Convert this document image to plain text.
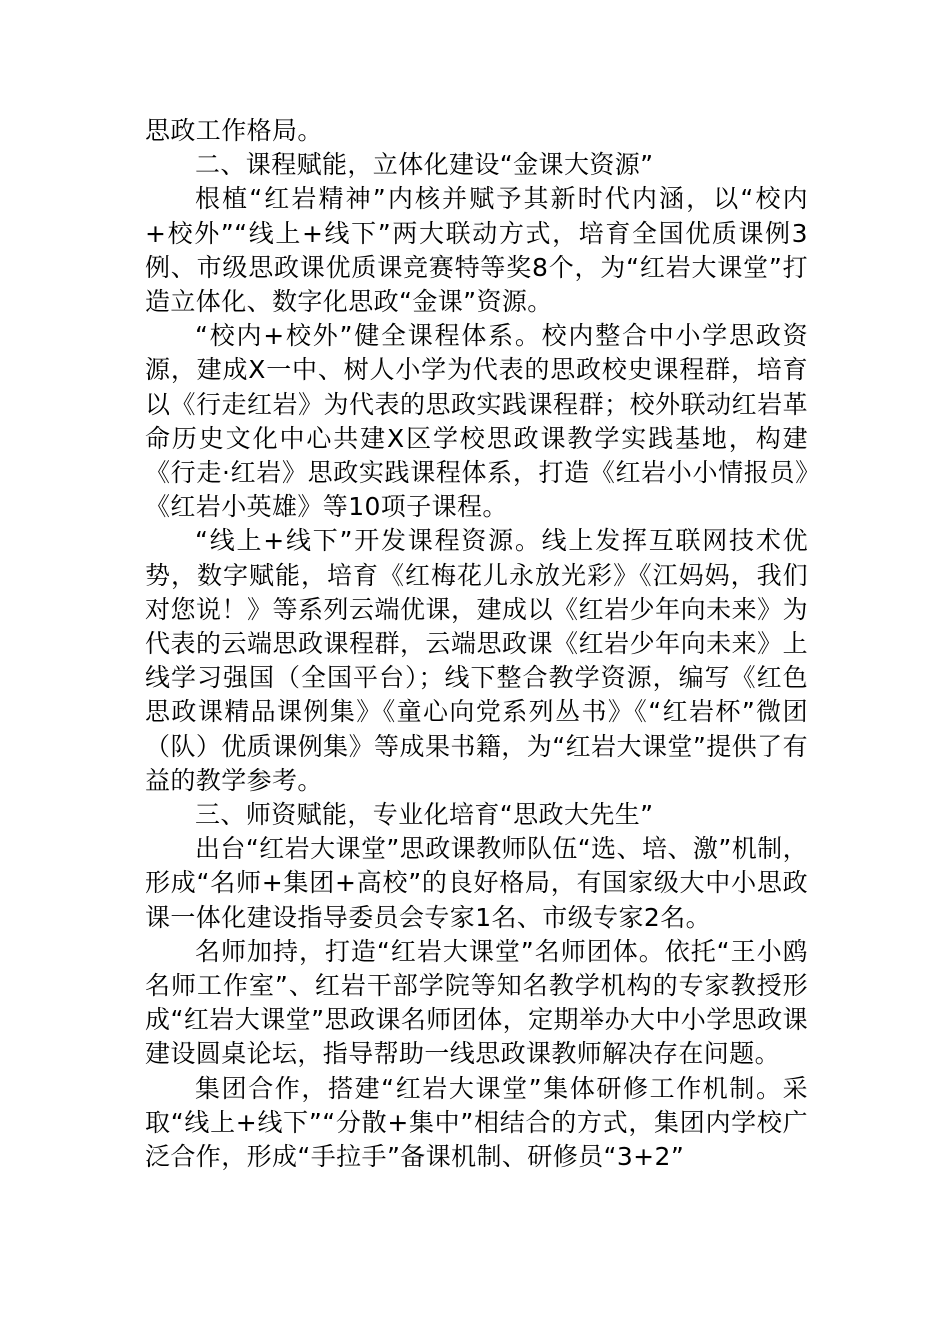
思政工作格局。

二、课程赋能，立体化建设“金课大资源”

根植“红岩精神”内核并赋予其新时代内涵，以“校内+校外”“线上+线下”两大联动方式，培育全国优质课例3例、市级思政课优质课竞赛特等奖8个，为“红岩大课堂”打造立体化、数字化思政“金课”资源。

“校内+校外”健全课程体系。校内整合中小学思政资源，建成X一中、树人小学为代表的思政校史课程群，培育以《行走红岩》为代表的思政实践课程群；校外联动红岩革命历史文化中心共建X区学校思政课教学实践基地，构建《行走·红岩》思政实践课程体系，打造《红岩小小情报员》《红岩小英雄》等10项子课程。

“线上+线下”开发课程资源。线上发挥互联网技术优势，数字赋能，培育《红梅花儿永放光彩》《江妈妈，我们对您说！》等系列云端优课，建成以《红岩少年向未来》为代表的云端思政课程群，云端思政课《红岩少年向未来》上线学习强国（全国平台）；线下整合教学资源，编写《红色思政课精品课例集》《童心向党系列丛书》《“红岩杯”微团（队）优质课例集》等成果书籍，为“红岩大课堂”提供了有益的教学参考。

三、师资赋能，专业化培育“思政大先生”

出台“红岩大课堂”思政课教师队伍“选、培、激”机制，形成“名师+集团+高校”的良好格局，有国家级大中小思政课一体化建设指导委员会专家1名、市级专家2名。

名师加持，打造“红岩大课堂”名师团体。依托“王小鸥名师工作室”、红岩干部学院等知名教学机构的专家教授形成“红岩大课堂”思政课名师团体，定期举办大中小学思政课建设圆桌论坛，指导帮助一线思政课教师解决存在问题。

集团合作，搭建“红岩大课堂”集体研修工作机制。采取“线上+线下”“分散+集中”相结合的方式，集团内学校广泛合作，形成“手拉手”备课机制、研修员“3+2”
